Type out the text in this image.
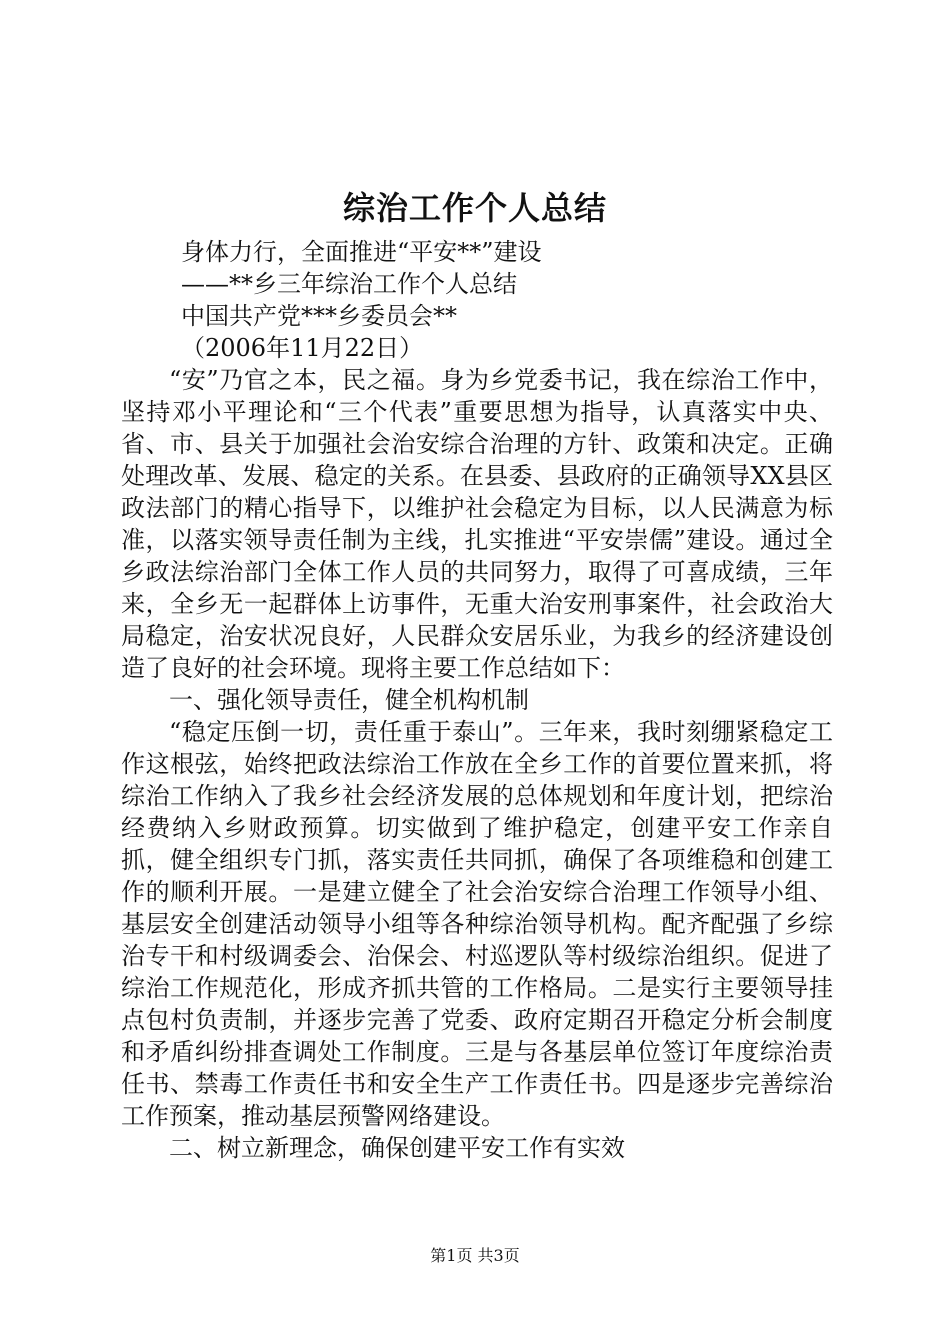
综治工作个人总结

身体力行，全面推进“平安**”建设

——**乡三年综治工作个人总结

中国共产党***乡委员会**

（2006年11月22日）

“安”乃官之本，民之福。身为乡党委书记，我在综治工作中，坚持邓小平理论和“三个代表”重要思想为指导，认真落实中央、省、市、县关于加强社会治安综合治理的方针、政策和决定。正确处理改革、发展、稳定的关系。在县委、县政府的正确领导XX县区政法部门的精心指导下，以维护社会稳定为目标，以人民满意为标准，以落实领导责任制为主线，扎实推进“平安崇儒”建设。通过全乡政法综治部门全体工作人员的共同努力，取得了可喜成绩，三年来，全乡无一起群体上访事件，无重大治安刑事案件，社会政治大局稳定，治安状况良好，人民群众安居乐业，为我乡的经济建设创造了良好的社会环境。现将主要工作总结如下：

一、强化领导责任，健全机构机制

“稳定压倒一切，责任重于泰山”。三年来，我时刻绷紧稳定工作这根弦，始终把政法综治工作放在全乡工作的首要位置来抓，将综治工作纳入了我乡社会经济发展的总体规划和年度计划，把综治经费纳入乡财政预算。切实做到了维护稳定，创建平安工作亲自抓，健全组织专门抓，落实责任共同抓，确保了各项维稳和创建工作的顺利开展。一是建立健全了社会治安综合治理工作领导小组、基层安全创建活动领导小组等各种综治领导机构。配齐配强了乡综治专干和村级调委会、治保会、村巡逻队等村级综治组织。促进了综治工作规范化，形成齐抓共管的工作格局。二是实行主要领导挂点包村负责制，并逐步完善了党委、政府定期召开稳定分析会制度和矛盾纠纷排查调处工作制度。三是与各基层单位签订年度综治责任书、禁毒工作责任书和安全生产工作责任书。四是逐步完善综治工作预案，推动基层预警网络建设。

二、树立新理念，确保创建平安工作有实效

第1页 共3页
